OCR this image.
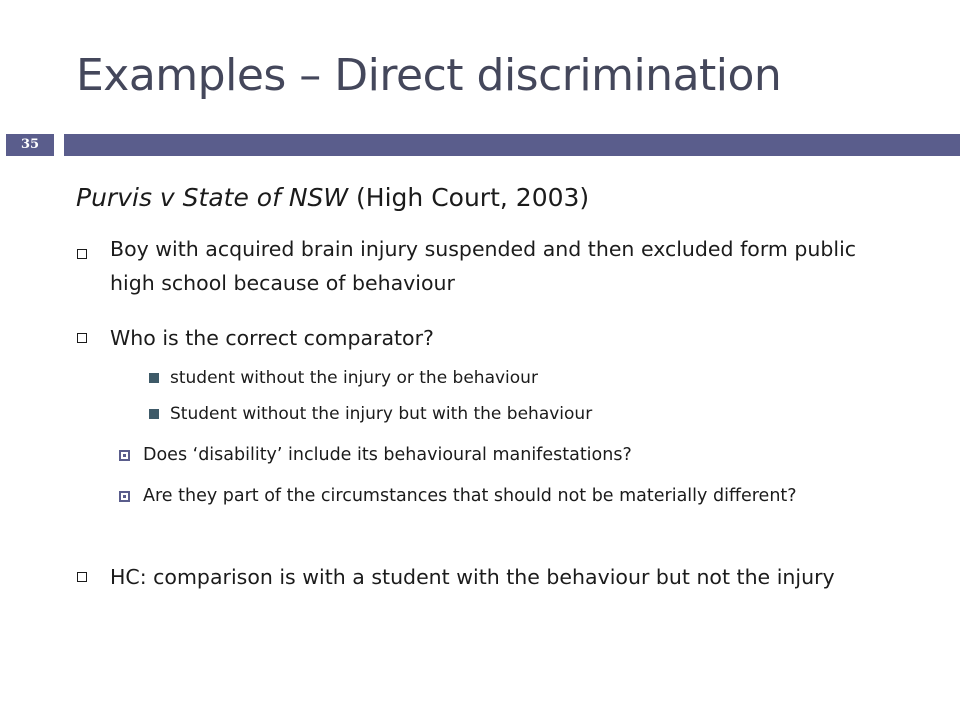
Examples – Direct discrimination
35
Purvis v State of NSW (High Court, 2003)
Boy with acquired brain injury suspended and then excluded form public high school because of behaviour
Who is the correct comparator?
student without the injury or the behaviour
Student without the injury but with the behaviour
Does ‘disability’ include its behavioural manifestations?
Are they part of the circumstances that should not be materially different?
HC: comparison is with a student with the behaviour but not the injury
